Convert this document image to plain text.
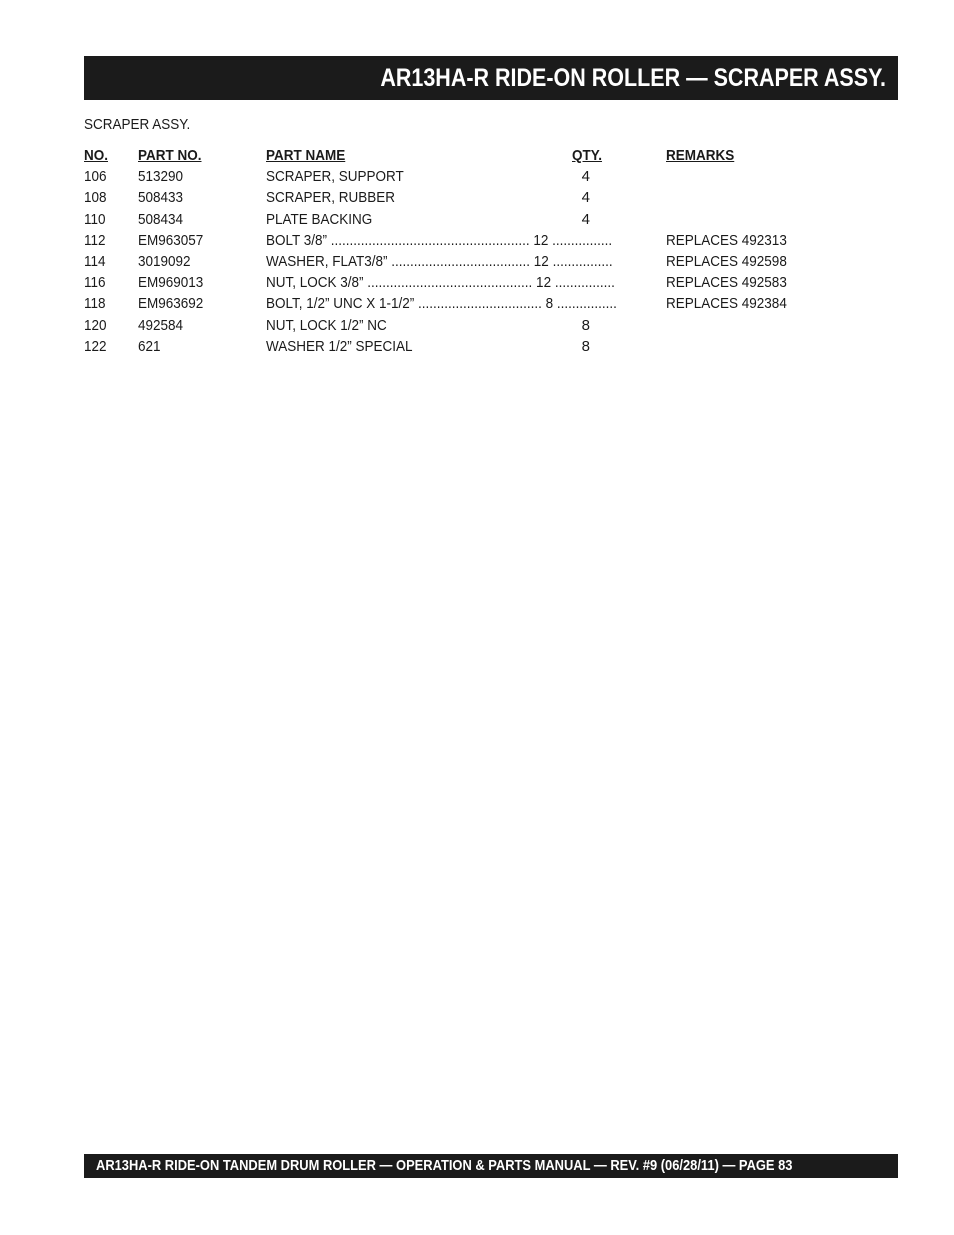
AR13HA-R RIDE-ON ROLLER — SCRAPER ASSY.
SCRAPER ASSY.
NO. PART NO.	PART NAME	QTY.	REMARKS
106 513290	SCRAPER, SUPPORT	4
108 508433	SCRAPER, RUBBER	4
110 508434	PLATE BACKING	4
112 EM963057	BOLT 3/8” ..................................................... 12 ................	REPLACES 492313
114 3019092	WASHER, FLAT3/8” ..................................... 12 ................	REPLACES 492598
116 EM969013	NUT, LOCK 3/8” ............................................ 12 ................	REPLACES 492583
118 EM963692	BOLT, 1/2” UNC X 1-1/2” ................................. 8 ................	REPLACES 492384
120 492584	NUT, LOCK 1/2” NC	8
122 621	WASHER 1/2” SPECIAL	8
AR13HA-R RIDE-ON TANDEM DRUM ROLLER — OPERATION & PARTS MANUAL — REV. #9 (06/28/11) — PAGE 83
